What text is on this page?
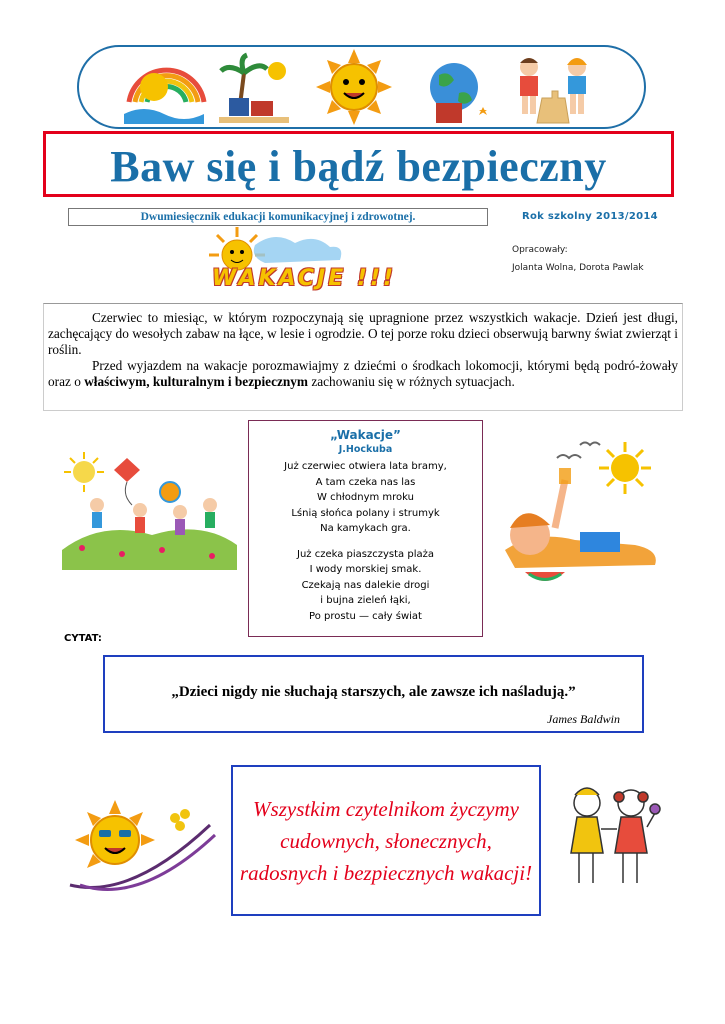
Baw się i bądź bezpieczny
Dwumiesięcznik edukacji komunikacyjnej i zdrowotnej.	Rok szkolny 2013/2014
Opracowały:
Jolanta Wolna, Dorota Pawlak
WAKACJE !!!

Czerwiec to miesiąc, w którym rozpoczynają się upragnione przez wszystkich wakacje. Dzień jest długi, zachęcający do wesołych zabaw na łące, w lesie i ogrodzie. O tej porze roku dzieci obserwują barwny świat zwierząt i roślin.

Przed wyjazdem na wakacje porozmawiajmy z dziećmi o środkach lokomocji, którymi będą podró-żowały oraz o właściwym, kulturalnym i bezpiecznym zachowaniu się w różnych sytuacjach.

„Wakacje”
J.Hockuba
Już czerwiec otwiera lata bramy,
A tam czeka nas las
W chłodnym mroku
Lśnią słońca polany i strumyk
Na kamykach gra.
Już czeka piaszczysta plaża
I wody morskiej smak.
Czekają nas dalekie drogi
i bujna zieleń łąki,
Po prostu — cały świat
CYTAT:
„Dzieci nigdy nie słuchają starszych, ale zawsze ich naśladują.”
James Baldwin
Wszystkim czytelnikom życzymy
cudownych, słonecznych,
radosnych i bezpiecznych wakacji!
